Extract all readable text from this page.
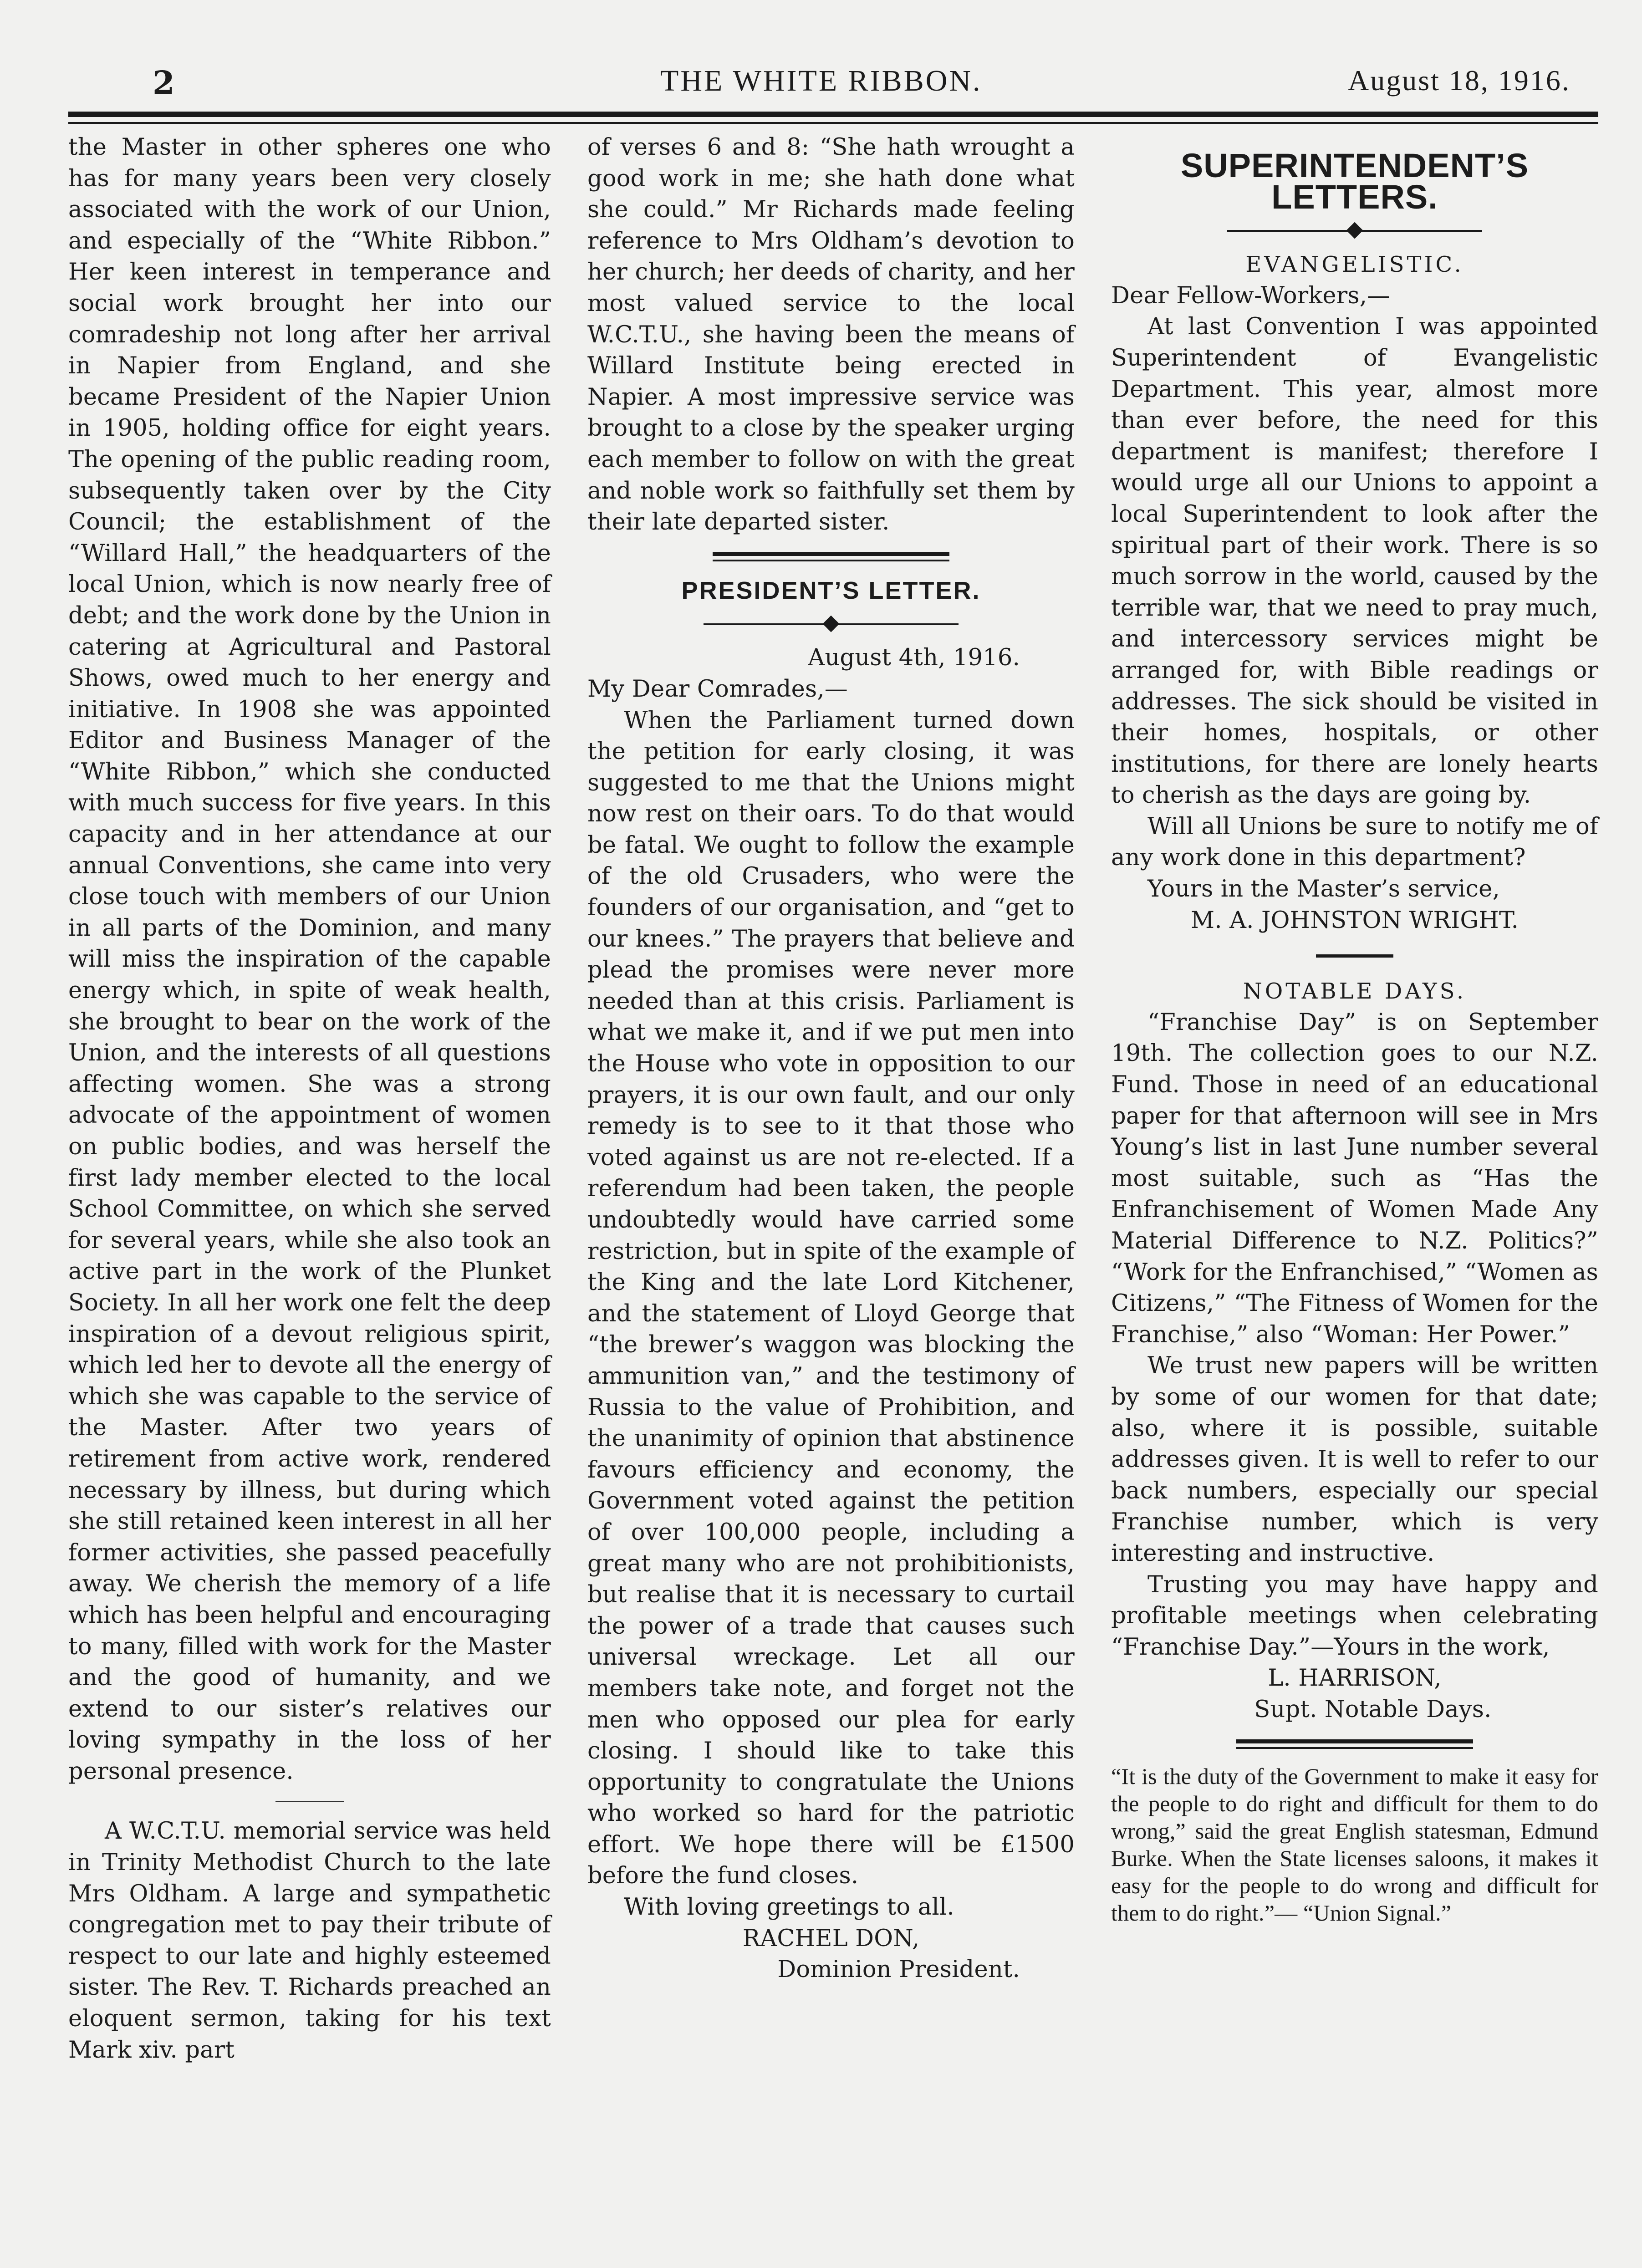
2	THE WHITE RIBBON.	August 18, 1916.

the Master in other spheres one who has for many years been very closely associated with the work of our Union, and especially of the “White Ribbon.” Her keen interest in temperance and social work brought her into our comradeship not long after her arrival in Napier from England, and she became President of the Napier Union in 1905, holding office for eight years. The opening of the public reading room, subsequently taken over by the City Council; the establishment of the “Willard Hall,” the headquarters of the local Union, which is now nearly free of debt; and the work done by the Union in catering at Agricultural and Pastoral Shows, owed much to her energy and initiative. In 1908 she was appointed Editor and Business Manager of the “White Ribbon,” which she conducted with much success for five years. In this capacity and in her attendance at our annual Conventions, she came into very close touch with members of our Union in all parts of the Dominion, and many will miss the inspiration of the capable energy which, in spite of weak health, she brought to bear on the work of the Union, and the interests of all questions affecting women. She was a strong advocate of the appointment of women on public bodies, and was herself the first lady member elected to the local School Committee, on which she served for several years, while she also took an active part in the work of the Plunket Society. In all her work one felt the deep inspiration of a devout religious spirit, which led her to devote all the energy of which she was capable to the service of the Master. After two years of retirement from active work, rendered necessary by illness, but during which she still retained keen interest in all her former activities, she passed peacefully away. We cherish the memory of a life which has been helpful and encouraging to many, filled with work for the Master and the good of humanity, and we extend to our sister’s relatives our loving sympathy in the loss of her personal presence.

A W.C.T.U. memorial service was held in Trinity Methodist Church to the late Mrs Oldham. A large and sympathetic congregation met to pay their tribute of respect to our late and highly esteemed sister. The Rev. T. Richards preached an eloquent sermon, taking for his text Mark xiv. part

of verses 6 and 8: “She hath wrought a good work in me; she hath done what she could.” Mr Richards made feeling reference to Mrs Oldham’s devotion to her church; her deeds of charity, and her most valued service to the local W.C.T.U., she having been the means of Willard Institute being erected in Napier. A most impressive service was brought to a close by the speaker urging each member to follow on with the great and noble work so faithfully set them by their late departed sister.

PRESIDENT’S LETTER.

August 4th, 1916.

My Dear Comrades,—

When the Parliament turned down the petition for early closing, it was suggested to me that the Unions might now rest on their oars. To do that would be fatal. We ought to follow the example of the old Crusaders, who were the founders of our organisation, and “get to our knees.” The prayers that believe and plead the promises were never more needed than at this crisis. Parliament is what we make it, and if we put men into the House who vote in opposition to our prayers, it is our own fault, and our only remedy is to see to it that those who voted against us are not re-elected. If a referendum had been taken, the people undoubtedly would have carried some restriction, but in spite of the example of the King and the late Lord Kitchener, and the statement of Lloyd George that “the brewer’s waggon was blocking the ammunition van,” and the testimony of Russia to the value of Prohibition, and the unanimity of opinion that abstinence favours efficiency and economy, the Government voted against the petition of over 100,000 people, including a great many who are not prohibitionists, but realise that it is necessary to curtail the power of a trade that causes such universal wreckage. Let all our members take note, and forget not the men who opposed our plea for early closing. I should like to take this opportunity to congratulate the Unions who worked so hard for the patriotic effort. We hope there will be £1500 before the fund closes.

With loving greetings to all.

RACHEL DON,

Dominion President.

SUPERINTENDENT’S LETTERS.
EVANGELISTIC.

Dear Fellow-Workers,—

At last Convention I was appointed Superintendent of Evangelistic Department. This year, almost more than ever before, the need for this department is manifest; therefore I would urge all our Unions to appoint a local Superintendent to look after the spiritual part of their work. There is so much sorrow in the world, caused by the terrible war, that we need to pray much, and intercessory services might be arranged for, with Bible readings or addresses. The sick should be visited in their homes, hospitals, or other institutions, for there are lonely hearts to cherish as the days are going by.

Will all Unions be sure to notify me of any work done in this department?

Yours in the Master’s service,

M. A. JOHNSTON WRIGHT.

NOTABLE DAYS.

“Franchise Day” is on September 19th. The collection goes to our N.Z. Fund. Those in need of an educational paper for that afternoon will see in Mrs Young’s list in last June number several most suitable, such as “Has the Enfranchisement of Women Made Any Material Difference to N.Z. Politics?” “Work for the Enfranchised,” “Women as Citizens,” “The Fitness of Women for the Franchise,” also “Woman: Her Power.”

We trust new papers will be written by some of our women for that date; also, where it is possible, suitable addresses given. It is well to refer to our back numbers, especially our special Franchise number, which is very interesting and instructive.

Trusting you may have happy and profitable meetings when celebrating “Franchise Day.”—Yours in the work,

L. HARRISON,

Supt. Notable Days.

“It is the duty of the Government to make it easy for the people to do right and difficult for them to do wrong,” said the great English statesman, Edmund Burke. When the State licenses saloons, it makes it easy for the people to do wrong and difficult for them to do right.”— “Union Signal.”
